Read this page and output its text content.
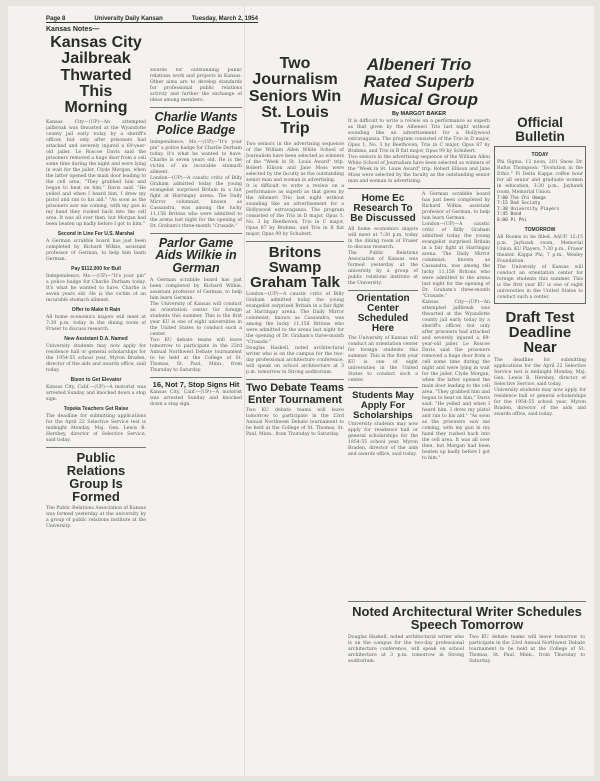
Page 8	University Daily Kansan	Tuesday, March 2, 1954
Kansas Notes—
Kansas City Jailbreak Thwarted This Morning

Kansas City—(UP)—An attempted jailbreak was thwarted at the Wyandotte county jail early today by a sheriff's officer, but only after prisoners had attacked and severely injured a 69-year-old jailer. Le Roscoe Davis said the prisoners removed a huge door from a cell some time during the night and were lying in wait for the jailer, Clyde Morgan, when the latter opened the main door leading to the cell area. "They grabbed him and began to beat on him," Davis said. "He yelled and when I heard him, I drew my pistol and ran to his aid." "As soon as the prisoners saw me coming, with my gun in my hand they rushed back into the cell area. It was all over then, but Morgan had been beaten up badly before I got to him."

Second in Line For U.S. Marshal

A German scrabble board has just been completed by Richard Wilkie, assistant professor of German, to help him learn German.

Pay $112,000 for Bull

Independence, Mo.—(UP)—"It's your pin" a police badge for Charlie Durham today. It's what he wanted to have. Charlie is seven years old. He is the victim of an incurable stomach ailment.

Offer to Make It Rain

All home economics majors will meet at 7:30 p.m. today in the dining room of Fraser to discuss research.

New Assistant D.A. Named

University students may now apply for residence hall or general scholarships for the 1954-55 school year, Myron Braden, director of the aids and awards office, said today.

Bison to Get Elevator

Kansas City, Calif.—(UP)—A motorist was arrested Sunday and knocked down a stop sign.

Topeka Teachers Get Raise

The deadline for submitting applications for the April 22 Selective Service test is midnight Monday, Maj. Gen. Lewis B. Hershey, director of Selective Service, said today.

Public Relations Group Is Formed

The Public Relations Association of Kansas was formed yesterday at the university by a group of public relations institute at the University.

awards for outstanding public relations work and projects in Kansas. Other aims are to develop standards for professional public relations activity and further the exchange of ideas among members.

Charlie Wants Police Badge

Independence, Mo.—(UP)—"It's your pin" a police badge for Charlie Durham today. It's what he wanted to have. Charlie is seven years old. He is the victim of an incurable stomach ailment.

London—(UP)—A caustic critic of Billy Graham admitted today the young evangelist surprised Britain in a fair fight at Harringay arena. The Daily Mirror columnist, known as Cassandra, was among the lucky 11,158 Britons who were admitted to the arena last night for the opening of Dr. Graham's three-month "Crusade."

Parlor Game Aids Wilkie in German

A German scrabble board has just been completed by Richard Wilkie, assistant professor of German, to help him learn German.

The University of Kansas will conduct an orientation center for foreign students this summer. This is the first year KU is one of eight universities in the United States to conduct such a center.

Two KU debate teams will leave tomorrow to participate in the 23rd Annual Northwest Debate tournament to be held at the College of St. Thomas, St. Paul, Minn., from Thursday to Saturday.

16, Not 7, Stop Signs Hit

Kansas City, Calif.—(UP)—A motorist was arrested Sunday and knocked down a stop sign.

Two Journalism Seniors Win St. Louis Trip

Two seniors in the advertising sequence of the William Allen White School of Journalism have been selected as winners of the "Week in St. Louis Award" trip. Robert Ellison and Jane Moss were selected by the faculty as the outstanding senior man and woman in advertising.

It is difficult to write a review on a performance as superb as that given by the Albeneri Trio last night without sounding like an advertisement for a Hollywood extravaganza. The program consisted of the Trio in D major, Opus 1, No. 3 by Beethoven, Trio in C major, Opus 87 by Brahms, and Trio in B flat major, Opus 99 by Schubert.

Britons Swamp Graham Talk

London—(UP)—A caustic critic of Billy Graham admitted today the young evangelist surprised Britain in a fair fight at Harringay arena. The Daily Mirror columnist, known as Cassandra, was among the lucky 11,158 Britons who were admitted to the arena last night for the opening of Dr. Graham's three-month "Crusade."

Douglas Haskell, noted architectural writer who is on the campus for the two-day professional architecture conference, will speak on school architecture at 3 p.m. tomorrow in Strong auditorium.

Two Debate Teams Enter Tournament

Two KU debate teams will leave tomorrow to participate in the 23rd Annual Northwest Debate tournament to be held at the College of St. Thomas, St. Paul, Minn., from Thursday to Saturday.

Albeneri Trio Rated Superb Musical Group
By MARGOT BAKER

It is difficult to write a review on a performance as superb as that given by the Albeneri Trio last night without sounding like an advertisement for a Hollywood extravaganza. The program consisted of the Trio in D major, Opus 1, No. 3 by Beethoven, Trio in C major, Opus 87 by Brahms, and Trio in B flat major, Opus 99 by Schubert.

Two seniors in the advertising sequence of the William Allen White School of Journalism have been selected as winners of the "Week in St. Louis Award" trip. Robert Ellison and Jane Moss were selected by the faculty as the outstanding senior man and woman in advertising.

Home Ec Research To Be Discussed

All home economics majors will meet at 7:30 p.m. today in the dining room of Fraser to discuss research.

The Public Relations Association of Kansas was formed yesterday at the university by a group of public relations institute at the University.

Orientation Center Scheduled Here

The University of Kansas will conduct an orientation center for foreign students this summer. This is the first year KU is one of eight universities in the United States to conduct such a center.

Students May Apply For Scholarships

University students may now apply for residence hall or general scholarships for the 1954-55 school year, Myron Braden, director of the aids and awards office, said today.

A German scrabble board has just been completed by Richard Wilkie, assistant professor of German, to help him learn German.

London—(UP)—A caustic critic of Billy Graham admitted today the young evangelist surprised Britain in a fair fight at Harringay arena. The Daily Mirror columnist, known as Cassandra, was among the lucky 11,158 Britons who were admitted to the arena last night for the opening of Dr. Graham's three-month "Crusade."

Kansas City—(UP)—An attempted jailbreak was thwarted at the Wyandotte county jail early today by a sheriff's officer, but only after prisoners had attacked and severely injured a 69-year-old jailer. Le Roscoe Davis said the prisoners removed a huge door from a cell some time during the night and were lying in wait for the jailer, Clyde Morgan, when the latter opened the main door leading to the cell area. "They grabbed him and began to beat on him," Davis said. "He yelled and when I heard him, I drew my pistol and ran to his aid." "As soon as the prisoners saw me coming, with my gun in my hand they rushed back into the cell area. It was all over then, but Morgan had been beaten up badly before I got to him."

Noted Architectural Writer Schedules Speech Tomorrow

Douglas Haskell, noted architectural writer who is on the campus for the two-day professional architecture conference, will speak on school architecture at 3 p.m. tomorrow in Strong auditorium.

Two KU debate teams will leave tomorrow to participate in the 23rd Annual Northwest Debate tournament to be held at the College of St. Thomas, St. Paul, Minn., from Thursday to Saturday.

Official Bulletin
TODAY

Phi Sigma, 12 noon, 201 Snow. Dr. Rufus Thompson: "Evolution in the Ethic." Pi Delta Kappa coffee hour for all senior and graduate women in education, 3:30 p.m., Jayhawk room, Memorial Union.

7:00 The Chi Omega

7:15 Dad Sociaty

7:30 University Players

7:45 Band

8:00 Pi Phi

TOMORROW

All Rooms to be filled. AAUP, 12:15 p.m. Jayhawk room, Memorial Union. KU Players, 7:30 p.m., Fraser theater. Kappa Phi, 7 p.m., Wesley Foundation.

The University of Kansas will conduct an orientation center for foreign students this summer. This is the first year KU is one of eight universities in the United States to conduct such a center.

Draft Test Deadline Near

The deadline for submitting applications for the April 22 Selective Service test is midnight Monday, Maj. Gen. Lewis B. Hershey, director of Selective Service, said today.

University students may now apply for residence hall or general scholarships for the 1954-55 school year, Myron Braden, director of the aids and awards office, said today.
